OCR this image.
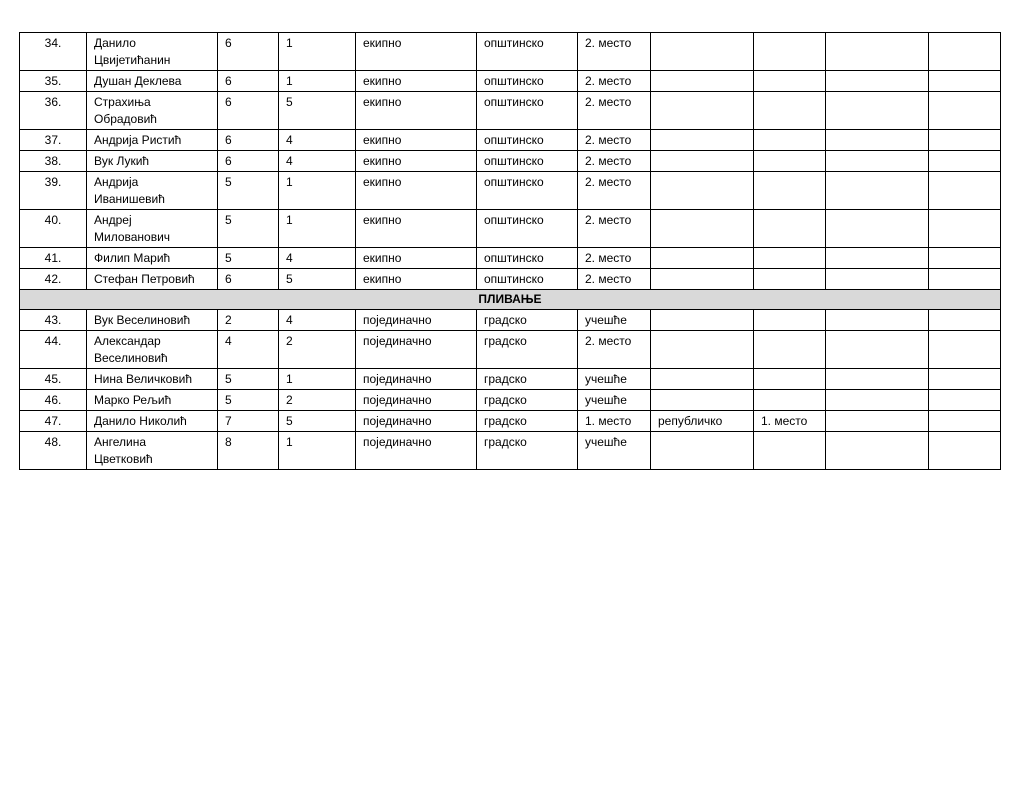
34.	Данило
Цвијетићанин	6	1	екипно	општинско	2. место				
35.	Душан Деклева	6	1	екипно	општинско	2. место				
36.	Страхиња
Обрадовић	6	5	екипно	општинско	2. место				
37.	Андрија Ристић	6	4	екипно	општинско	2. место				
38.	Вук Лукић	6	4	екипно	општинско	2. место				
39.	Андрија
Иванишевић	5	1	екипно	општинско	2. место				
40.	Андреј
Милованович	5	1	екипно	општинско	2. место				
41.	Филип Марић	5	4	екипно	општинско	2. место				
42.	Стефан Петровић	6	5	екипно	општинско	2. место				
ПЛИВАЊЕ										
43.	Вук Веселиновић	2	4	појединачно	градско	учешће				
44.	Александар
Веселиновић	4	2	појединачно	градско	2. место				
45.	Нина Величковић	5	1	појединачно	градско	учешће				
46.	Марко Рељић	5	2	појединачно	градско	учешће				
47.	Данило Николић	7	5	појединачно	градско	1. место	републичко	1. место		
48.	Ангелина
Цветковић	8	1	појединачно	градско	учешће				
